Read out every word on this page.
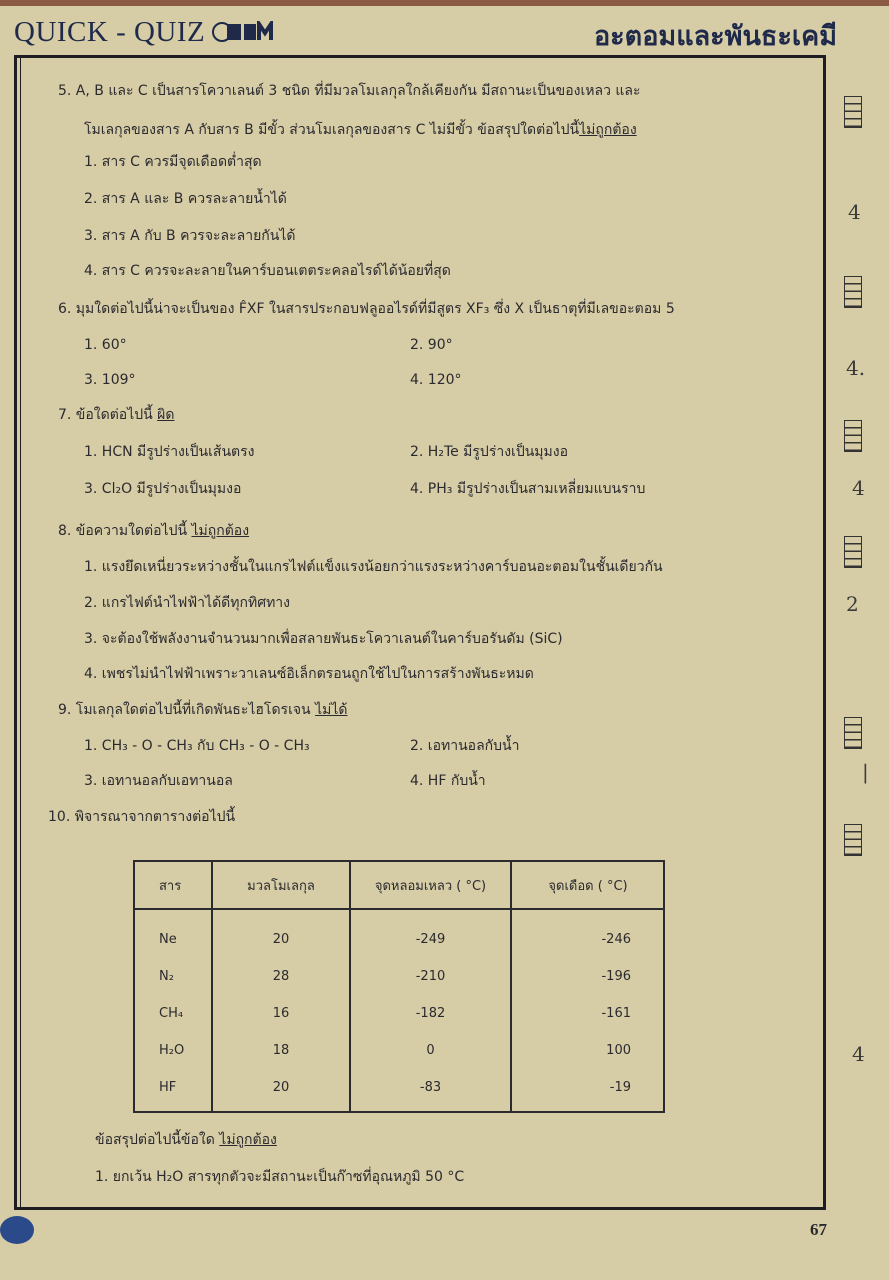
QUICK - QUIZ	อะตอมและพันธะเคมี
5. A, B และ C เป็นสารโควาเลนต์ 3 ชนิด ที่มีมวลโมเลกุลใกล้เคียงกัน มีสถานะเป็นของเหลว และ
โมเลกุลของสาร A กับสาร B มีขั้ว ส่วนโมเลกุลของสาร C ไม่มีขั้ว ข้อสรุปใดต่อไปนี้ไม่ถูกต้อง
1. สาร C ควรมีจุดเดือดต่ำสุด
2. สาร A และ B ควรละลายน้ำได้
3. สาร A กับ B ควรจะละลายกันได้
4. สาร C ควรจะละลายในคาร์บอนเตตระคลอไรด์ได้น้อยที่สุด
6. มุมใดต่อไปนี้น่าจะเป็นของ F̂XF ในสารประกอบฟลูออไรด์ที่มีสูตร XF₃ ซึ่ง X เป็นธาตุที่มีเลขอะตอม 5
1. 60°	2. 90°
3. 109°	4. 120°
7. ข้อใดต่อไปนี้ ผิด
1. HCN มีรูปร่างเป็นเส้นตรง	2. H₂Te มีรูปร่างเป็นมุมงอ
3. Cl₂O มีรูปร่างเป็นมุมงอ	4. PH₃ มีรูปร่างเป็นสามเหลี่ยมแบนราบ
8. ข้อความใดต่อไปนี้ ไม่ถูกต้อง
1. แรงยึดเหนี่ยวระหว่างชั้นในแกรไฟต์แข็งแรงน้อยกว่าแรงระหว่างคาร์บอนอะตอมในชั้นเดียวกัน
2. แกรไฟต์นำไฟฟ้าได้ดีทุกทิศทาง
3. จะต้องใช้พลังงานจำนวนมากเพื่อสลายพันธะโควาเลนต์ในคาร์บอรันดัม (SiC)
4. เพชรไม่นำไฟฟ้าเพราะวาเลนซ์อิเล็กตรอนถูกใช้ไปในการสร้างพันธะหมด
9. โมเลกุลใดต่อไปนี้ที่เกิดพันธะไฮโดรเจน ไม่ได้
1. CH₃ - O - CH₃ กับ CH₃ - O - CH₃	2. เอทานอลกับน้ำ
3. เอทานอลกับเอทานอล	4. HF กับน้ำ
10. พิจารณาจากตารางต่อไปนี้
สาร	มวลโมเลกุล	จุดหลอมเหลว ( °C)	จุดเดือด ( °C)
Ne	20	-249	-246
N₂	28	-210	-196
CH₄	16	-182	-161
H₂O	18	0	100
HF	20	-83	-19
ข้อสรุปต่อไปนี้ข้อใด ไม่ถูกต้อง
1. ยกเว้น H₂O สารทุกตัวจะมีสถานะเป็นก๊าซที่อุณหภูมิ 50 °C
4
4.
4
2
|
4
67
